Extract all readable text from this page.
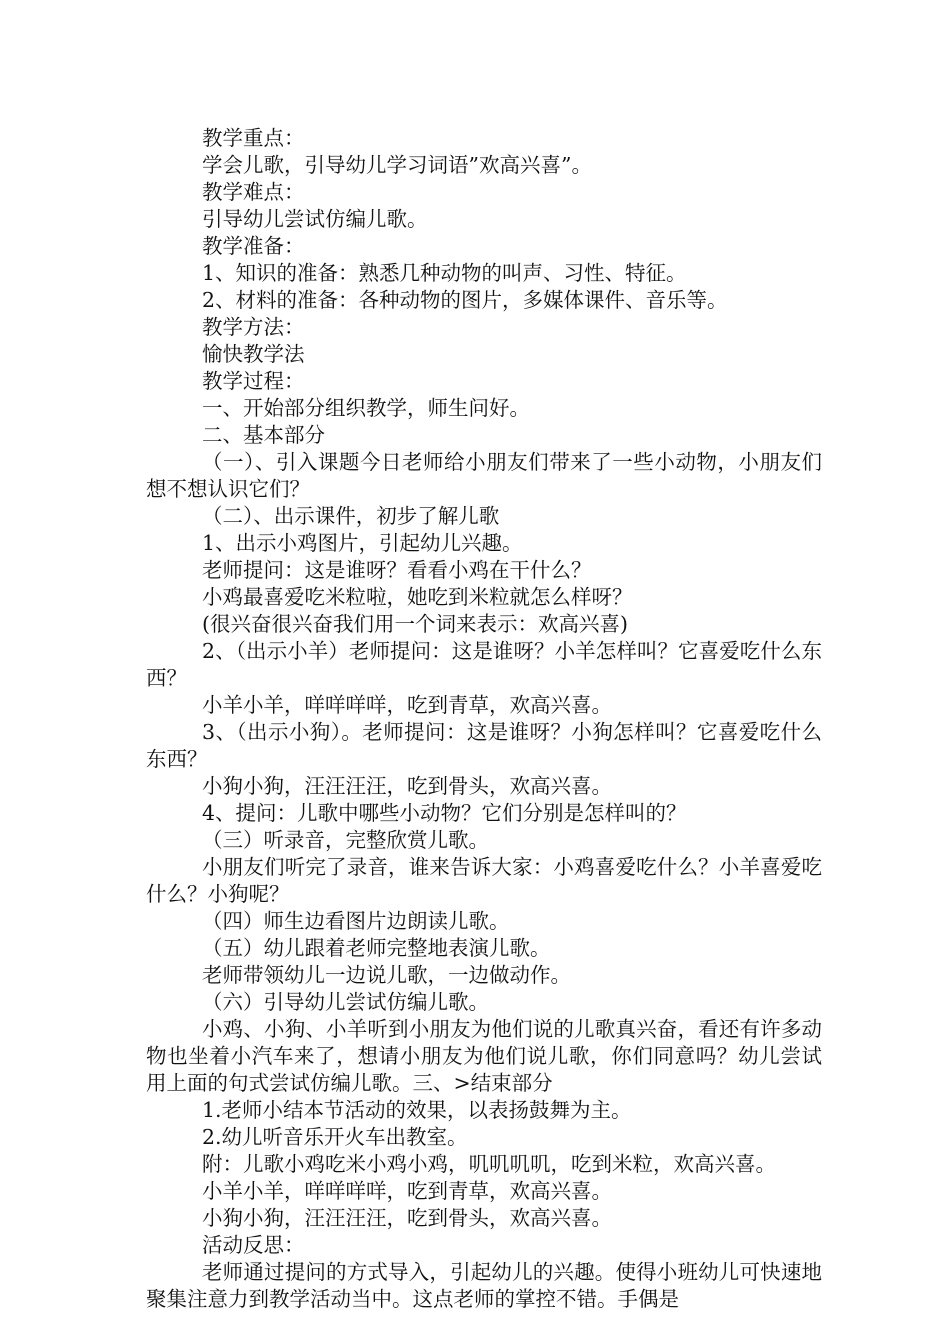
教学重点：

学会儿歌，引导幼儿学习词语”欢高兴喜”。

教学难点：

引导幼儿尝试仿编儿歌。

教学准备：

1、知识的准备：熟悉几种动物的叫声、习性、特征。

2、材料的准备：各种动物的图片，多媒体课件、音乐等。

教学方法：

愉快教学法

教学过程：

一、开始部分组织教学，师生问好。

二、基本部分

（一）、引入课题今日老师给小朋友们带来了一些小动物，小朋友们想不想认识它们？

（二）、出示课件，初步了解儿歌

1、出示小鸡图片，引起幼儿兴趣。

老师提问：这是谁呀？看看小鸡在干什么？

小鸡最喜爱吃米粒啦，她吃到米粒就怎么样呀？

(很兴奋很兴奋我们用一个词来表示：欢高兴喜)

2、（出示小羊）老师提问：这是谁呀？小羊怎样叫？它喜爱吃什么东西？

小羊小羊，咩咩咩咩，吃到青草，欢高兴喜。

3、（出示小狗）。老师提问：这是谁呀？小狗怎样叫？它喜爱吃什么东西？

小狗小狗，汪汪汪汪，吃到骨头，欢高兴喜。

4、提问：儿歌中哪些小动物？它们分别是怎样叫的？

（三）听录音，完整欣赏儿歌。

小朋友们听完了录音，谁来告诉大家：小鸡喜爱吃什么？小羊喜爱吃什么？小狗呢？

（四）师生边看图片边朗读儿歌。

（五）幼儿跟着老师完整地表演儿歌。

老师带领幼儿一边说儿歌，一边做动作。

（六）引导幼儿尝试仿编儿歌。

小鸡、小狗、小羊听到小朋友为他们说的儿歌真兴奋，看还有许多动物也坐着小汽车来了，想请小朋友为他们说儿歌，你们同意吗？幼儿尝试用上面的句式尝试仿编儿歌。三、>结束部分

1.老师小结本节活动的效果，以表扬鼓舞为主。

2.幼儿听音乐开火车出教室。

附：儿歌小鸡吃米小鸡小鸡，叽叽叽叽，吃到米粒，欢高兴喜。

小羊小羊，咩咩咩咩，吃到青草，欢高兴喜。

小狗小狗，汪汪汪汪，吃到骨头，欢高兴喜。

活动反思：

老师通过提问的方式导入，引起幼儿的兴趣。使得小班幼儿可快速地聚集注意力到教学活动当中。这点老师的掌控不错。手偶是
